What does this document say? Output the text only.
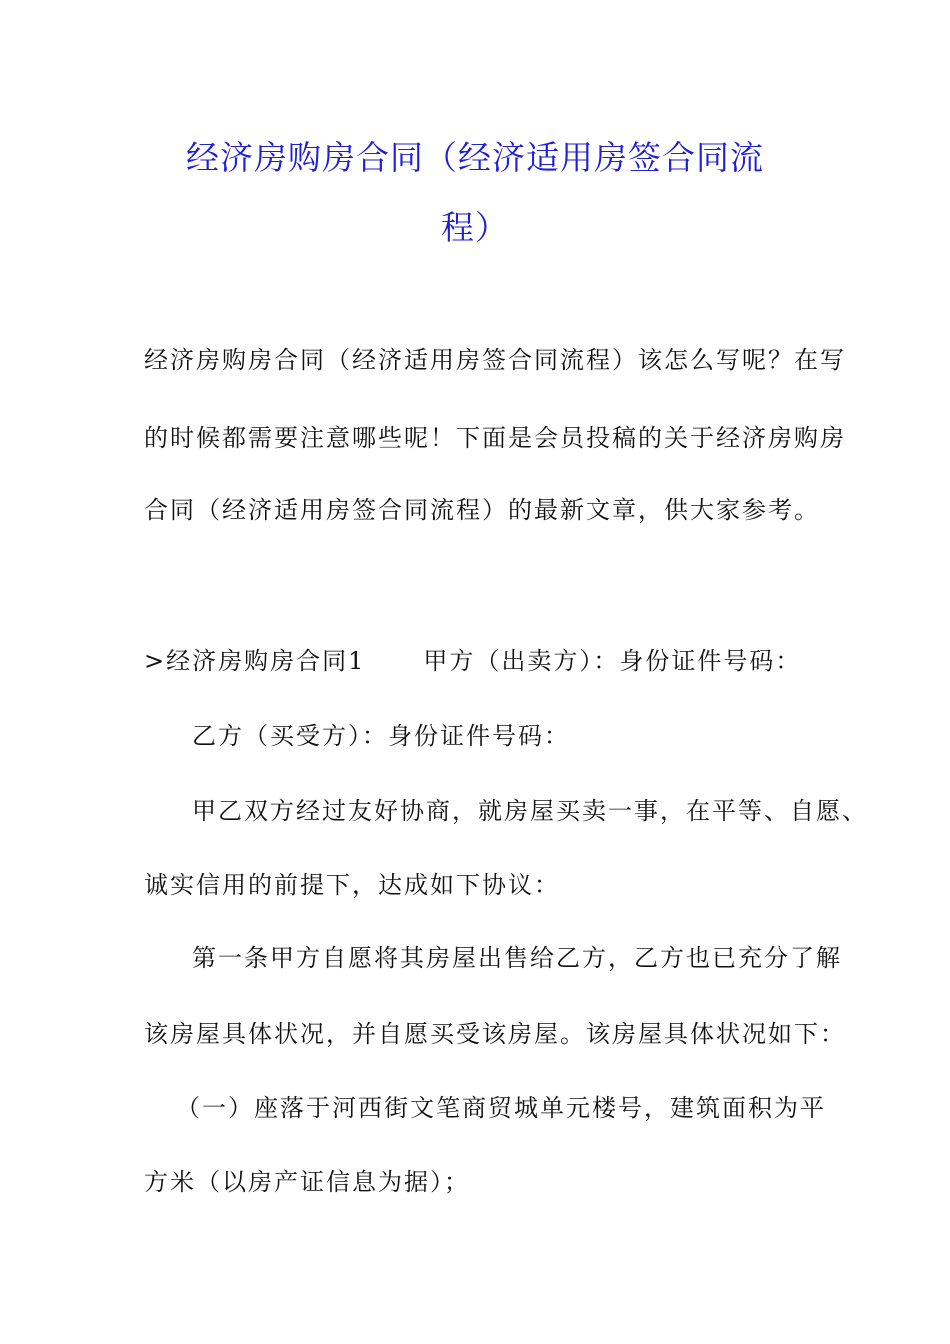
经济房购房合同（经济适用房签合同流
程）
经济房购房合同（经济适用房签合同流程）该怎么写呢？在写
的时候都需要注意哪些呢！下面是会员投稿的关于经济房购房
合同（经济适用房签合同流程）的最新文章，供大家参考。
>经济房购房合同1 甲方（出卖方）：身份证件号码：
乙方（买受方）：身份证件号码：
甲乙双方经过友好协商，就房屋买卖一事，在平等、自愿、
诚实信用的前提下，达成如下协议：
第一条甲方自愿将其房屋出售给乙方，乙方也已充分了解
该房屋具体状况，并自愿买受该房屋。该房屋具体状况如下：
（一）座落于河西街文笔商贸城单元楼号，建筑面积为平
方米（以房产证信息为据）；
